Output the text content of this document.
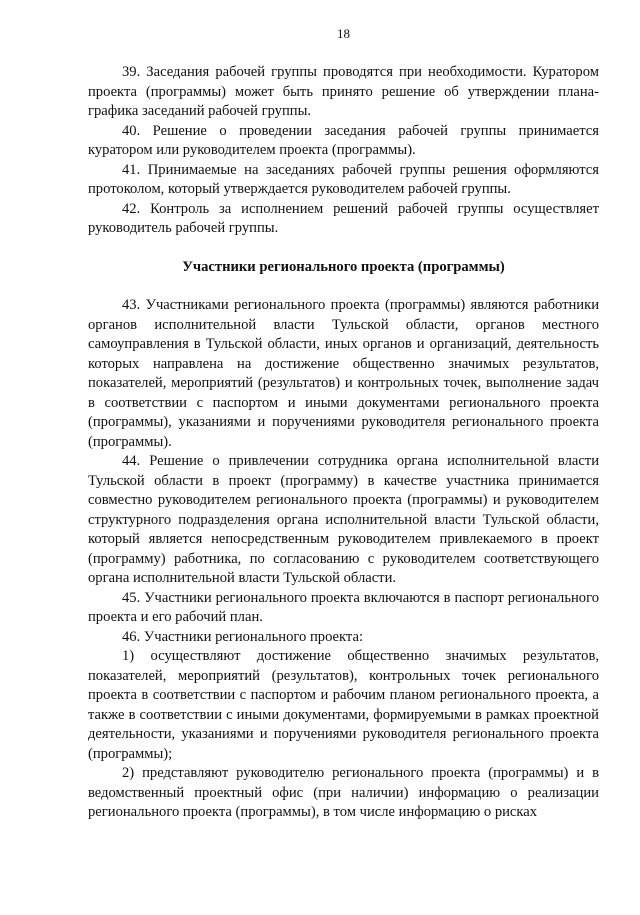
18

39. Заседания рабочей группы проводятся при необходимости. Куратором проекта (программы) может быть принято решение об утверждении плана-графика заседаний рабочей группы.

40. Решение о проведении заседания рабочей группы принимается куратором или руководителем проекта (программы).

41. Принимаемые на заседаниях рабочей группы решения оформляются протоколом, который утверждается руководителем рабочей группы.

42. Контроль за исполнением решений рабочей группы осуществляет руководитель рабочей группы.

Участники регионального проекта (программы)

43. Участниками регионального проекта (программы) являются работники органов исполнительной власти Тульской области, органов местного самоуправления в Тульской области, иных органов и организаций, деятельность которых направлена на достижение общественно значимых результатов, показателей, мероприятий (результатов) и контрольных точек, выполнение задач в соответствии с паспортом и иными документами регионального проекта (программы), указаниями и поручениями руководителя регионального проекта (программы).

44. Решение о привлечении сотрудника органа исполнительной власти Тульской области в проект (программу) в качестве участника принимается совместно руководителем регионального проекта (программы) и руководителем структурного подразделения органа исполнительной власти Тульской области, который является непосредственным руководителем привлекаемого в проект (программу) работника, по согласованию с руководителем соответствующего органа исполнительной власти Тульской области.

45. Участники регионального проекта включаются в паспорт регионального проекта и его рабочий план.

46. Участники регионального проекта:

1) осуществляют достижение общественно значимых результатов, показателей, мероприятий (результатов), контрольных точек регионального проекта в соответствии с паспортом и рабочим планом регионального проекта, а также в соответствии с иными документами, формируемыми в рамках проектной деятельности, указаниями и поручениями руководителя регионального проекта (программы);

2) представляют руководителю регионального проекта (программы) и в ведомственный проектный офис (при наличии) информацию о реализации регионального проекта (программы), в том числе информацию о рисках
